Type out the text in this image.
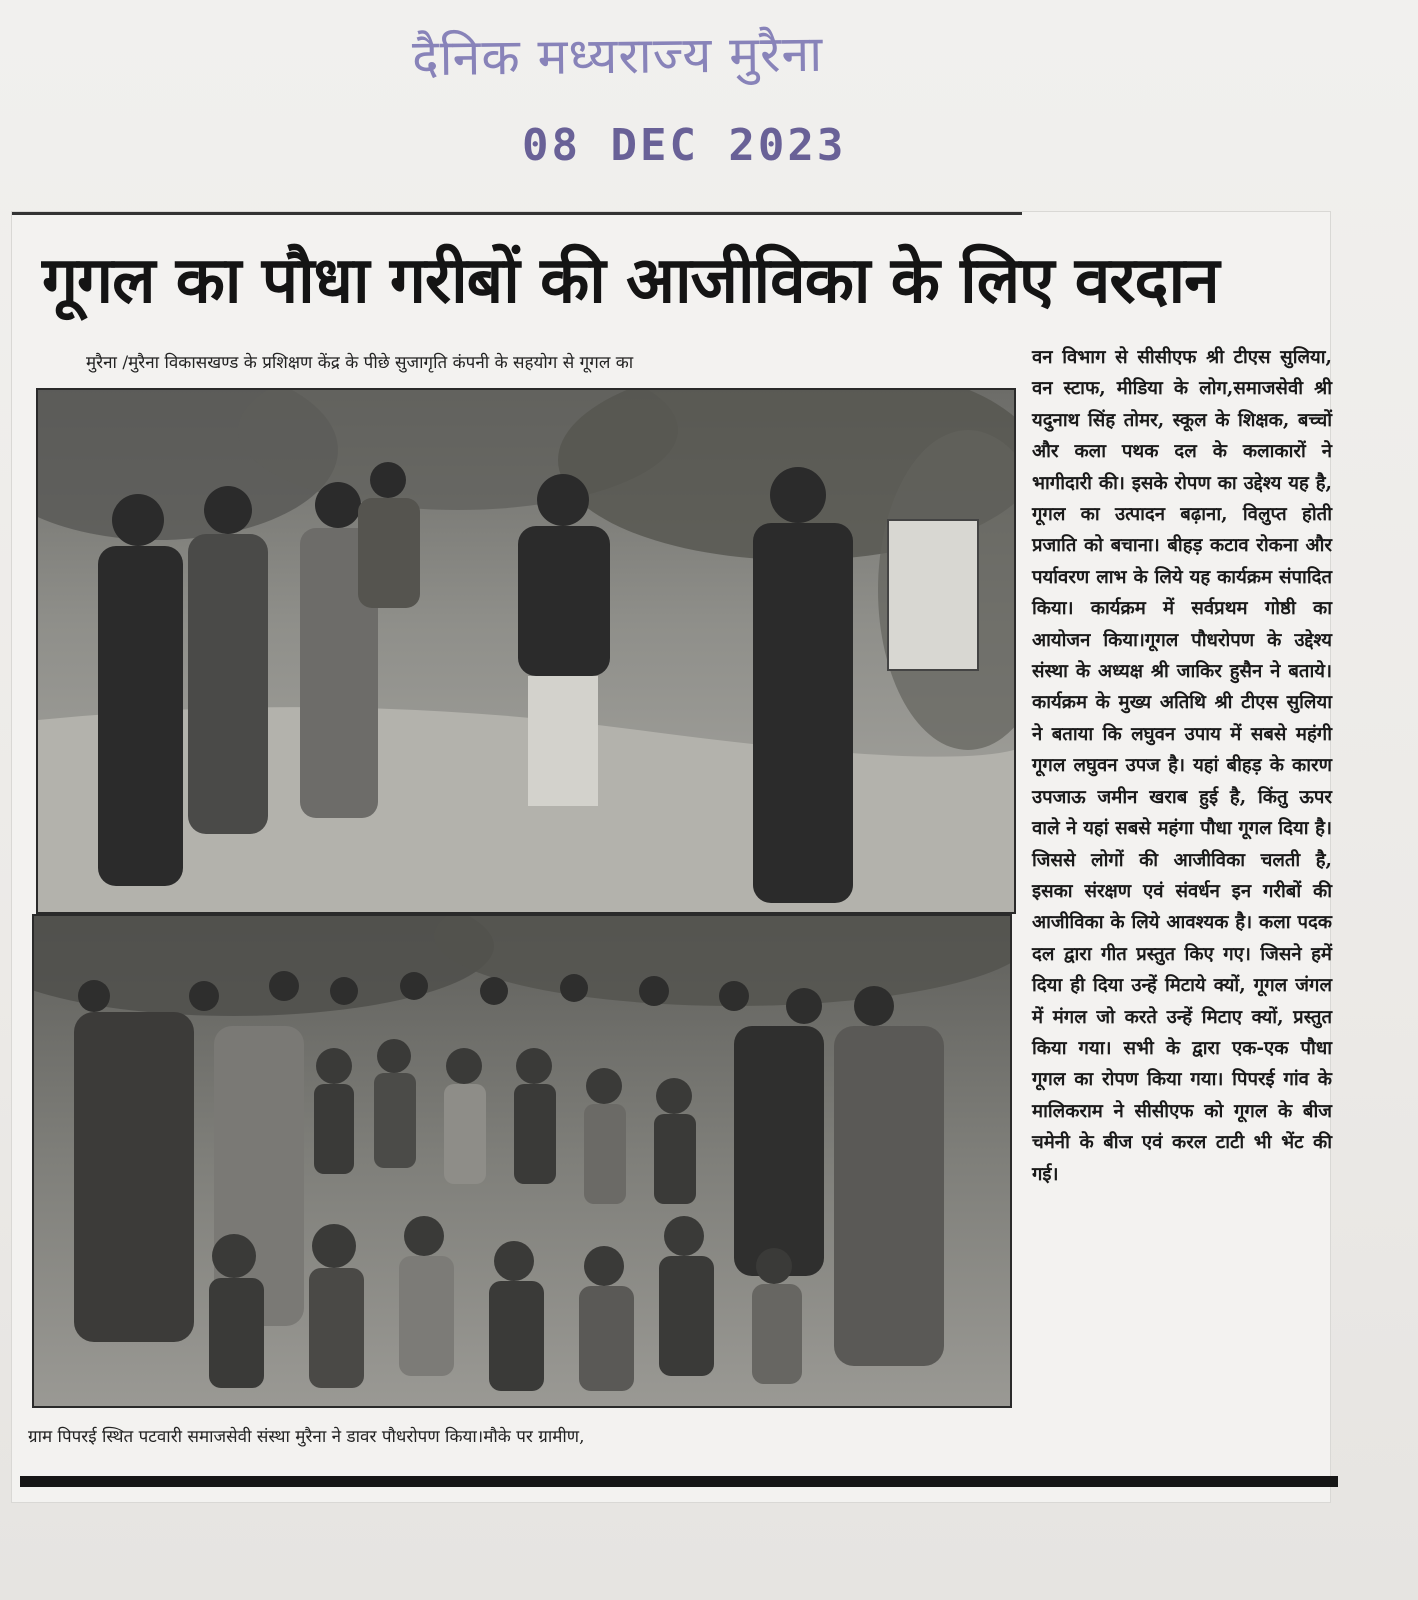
दैनिक मध्यराज्य मुरैना
08 DEC 2023
गूगल का पौधा गरीबों की आजीविका के लिए वरदान
मुरैना /मुरैना विकासखण्ड के प्रशिक्षण केंद्र के पीछे सुजागृति कंपनी के सहयोग से गूगल का
ग्राम पिपरई स्थित पटवारी समाजसेवी संस्था मुरैना ने डावर पौधरोपण किया।मौके पर ग्रामीण,
वन विभाग से सीसीएफ श्री टीएस सुलिया, वन स्टाफ, मीडिया के लोग,समाजसेवी श्री यदुनाथ सिंह तोमर, स्कूल के शिक्षक, बच्चों और कला पथक दल के कलाकारों ने भागीदारी की। इसके रोपण का उद्देश्य यह है, गूगल का उत्पादन बढ़ाना, विलुप्त होती प्रजाति को बचाना। बीहड़ कटाव रोकना और पर्यावरण लाभ के लिये यह कार्यक्रम संपादित किया। कार्यक्रम में सर्वप्रथम गोष्ठी का आयोजन किया।गूगल पौधरोपण के उद्देश्य संस्था के अध्यक्ष श्री जाकिर हुसैन ने बताये। कार्यक्रम के मुख्य अतिथि श्री टीएस सुलिया ने बताया कि लघुवन उपाय में सबसे महंगी गूगल लघुवन उपज है। यहां बीहड़ के कारण उपजाऊ जमीन खराब हुई है, किंतु ऊपर वाले ने यहां सबसे महंगा पौधा गूगल दिया है। जिससे लोगों की आजीविका चलती है, इसका संरक्षण एवं संवर्धन इन गरीबों की आजीविका के लिये आवश्यक है। कला पदक दल द्वारा गीत प्रस्तुत किए गए। जिसने हमें दिया ही दिया उन्हें मिटाये क्यों, गूगल जंगल में मंगल जो करते उन्हें मिटाए क्यों, प्रस्तुत किया गया। सभी के द्वारा एक-एक पौधा गूगल का रोपण किया गया। पिपरई गांव के मालिकराम ने सीसीएफ को गूगल के बीज चमेनी के बीज एवं करल टाटी भी भेंट की गई।
